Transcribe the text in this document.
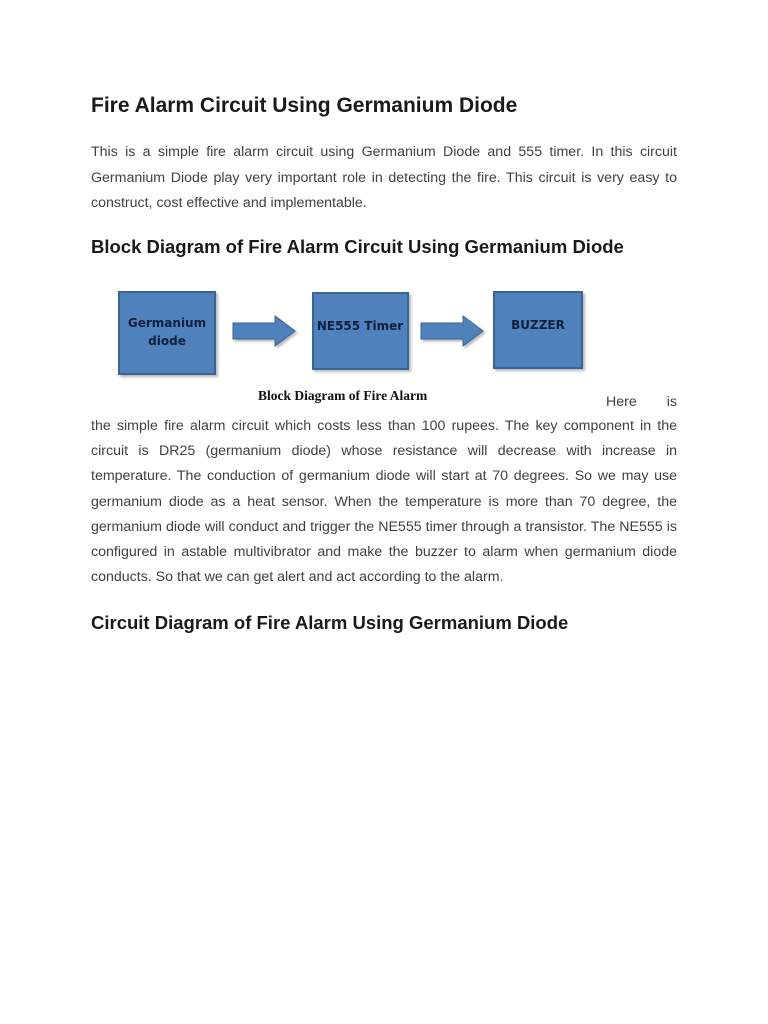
Fire Alarm Circuit Using Germanium Diode

This is a simple fire alarm circuit using Germanium Diode and 555 timer. In this circuit Germanium Diode play very important role in detecting the fire. This circuit is very easy to construct, cost effective and implementable.

Block Diagram of Fire Alarm Circuit Using Germanium Diode
Germanium
diode
NE555 Timer	BUZZER

Block Diagram of Fire Alarm	Here is

the simple fire alarm circuit which costs less than 100 rupees. The key component in the circuit is DR25 (germanium diode) whose resistance will decrease with increase in temperature. The conduction of germanium diode will start at 70 degrees. So we may use germanium diode as a heat sensor. When the temperature is more than 70 degree, the germanium diode will conduct and trigger the NE555 timer through a transistor. The NE555 is configured in astable multivibrator and make the buzzer to alarm when germanium diode conducts. So that we can get alert and act according to the alarm.

Circuit Diagram of Fire Alarm Using Germanium Diode
